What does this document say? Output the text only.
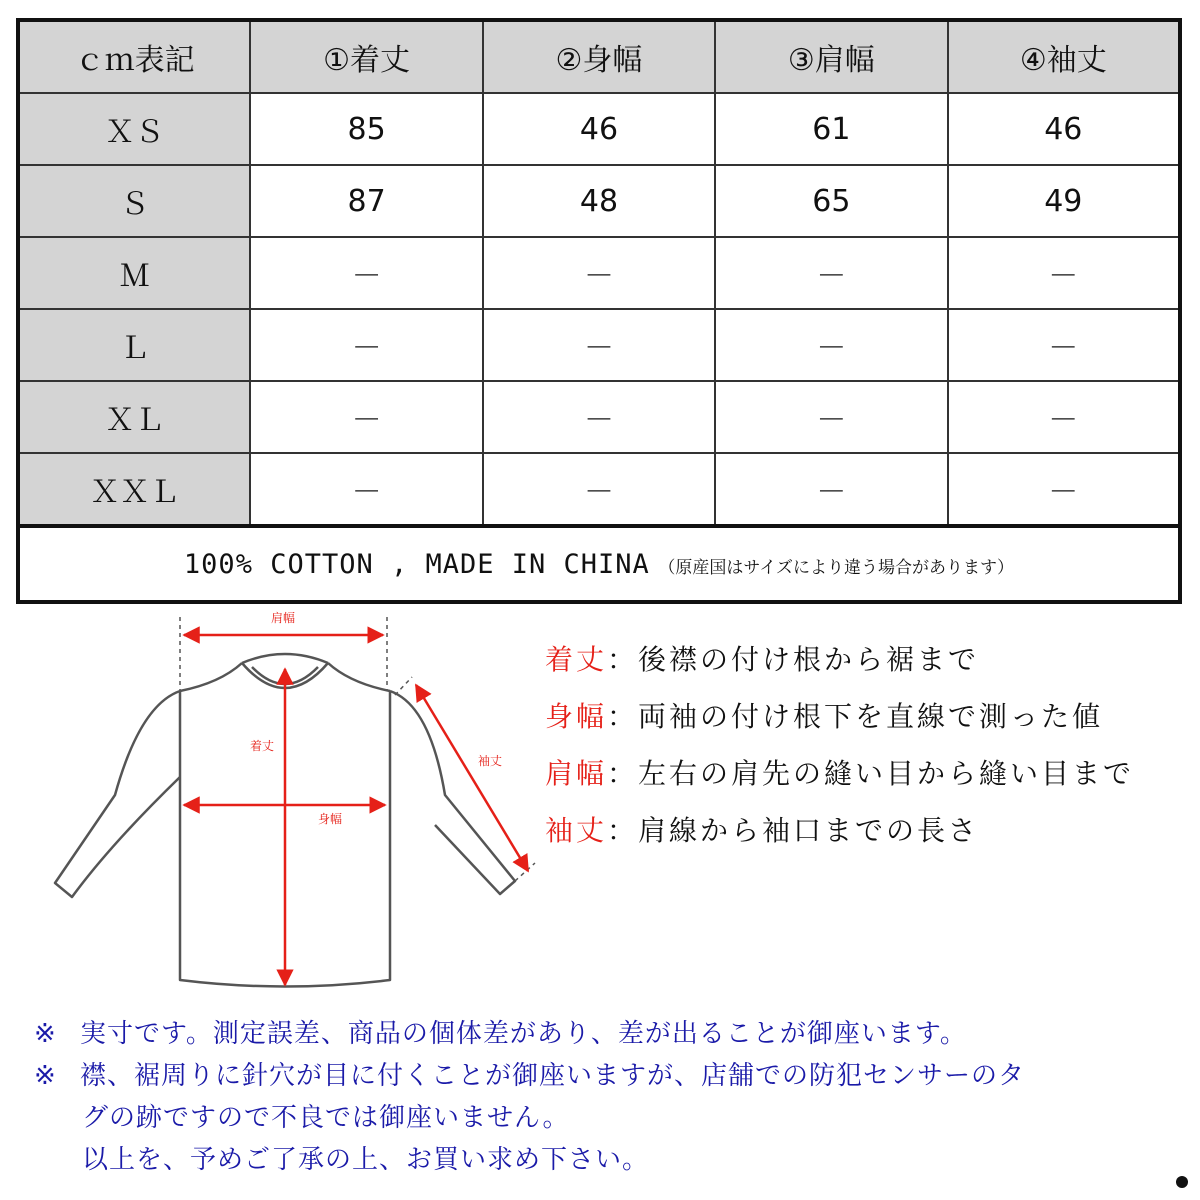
ｃｍ表記	①着丈	②身幅	③肩幅	④袖丈
ＸＳ	85	46	61	46
Ｓ	87	48	65	49
Ｍ	－	－	－	－
Ｌ	－	－	－	－
ＸＬ	－	－	－	－
ＸＸＬ	－	－	－	－
100% COTTON , MADE IN CHINA （原産国はサイズにより違う場合があります）				
肩幅
着丈
身幅
袖丈
着丈：後襟の付け根から裾まで
身幅：両袖の付け根下を直線で測った値
肩幅：左右の肩先の縫い目から縫い目まで
袖丈：肩線から袖口までの長さ
※ 実寸です。測定誤差、商品の個体差があり、差が出ることが御座います。
※ 襟、裾周りに針穴が目に付くことが御座いますが、店舗での防犯センサーのタ
グの跡ですので不良では御座いません。
以上を、予めご了承の上、お買い求め下さい。
